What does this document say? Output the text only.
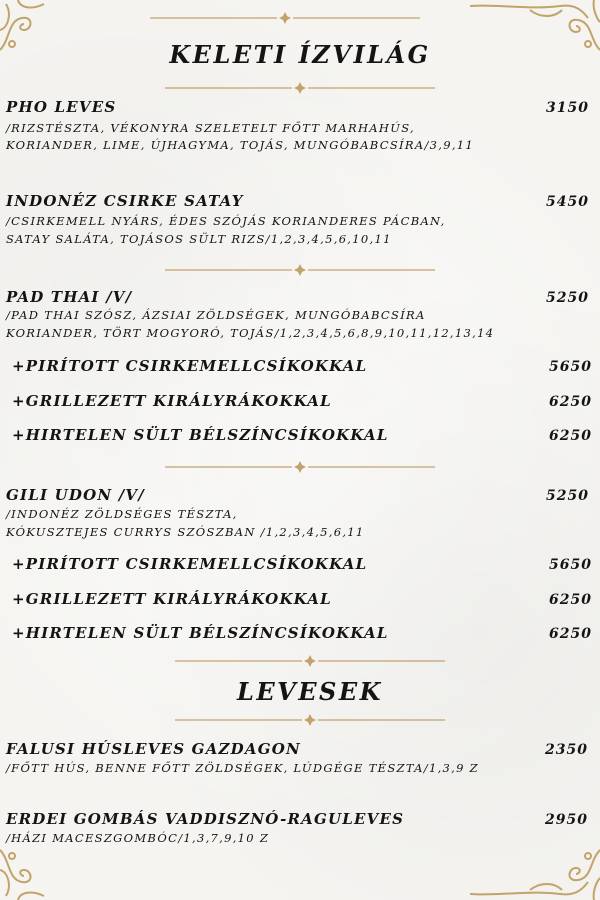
KELETI ÍZVILÁG
PHO LEVES	3150
/RIZSTÉSZTA, VÉKONYRA SZELETELT FŐTT MARHAHÚS,
KORIANDER, LIME, ÚJHAGYMA, TOJÁS, MUNGÓBABCSÍRA/3,9,11
INDONÉZ CSIRKE SATAY	5450
/CSIRKEMELL NYÁRS, ÉDES SZÓJÁS KORIANDERES PÁCBAN,
SATAY SALÁTA, TOJÁSOS SÜLT RIZS/1,2,3,4,5,6,10,11
PAD THAI /V/	5250
/PAD THAI SZÓSZ, ÁZSIAI ZÖLDSÉGEK, MUNGÓBABCSÍRA
KORIANDER, TÖRT MOGYORÓ, TOJÁS/1,2,3,4,5,6,8,9,10,11,12,13,14
+PIRÍTOTT CSIRKEMELLCSÍKOKKAL	5650
+GRILLEZETT KIRÁLYRÁKOKKAL	6250
+HIRTELEN SÜLT BÉLSZÍNCSÍKOKKAL	6250
GILI UDON /V/	5250
/INDONÉZ ZÖLDSÉGES TÉSZTA,
KÓKUSZTEJES CURRYS SZÓSZBAN /1,2,3,4,5,6,11
+PIRÍTOTT CSIRKEMELLCSÍKOKKAL	5650
+GRILLEZETT KIRÁLYRÁKOKKAL	6250
+HIRTELEN SÜLT BÉLSZÍNCSÍKOKKAL	6250
LEVESEK
FALUSI HÚSLEVES GAZDAGON	2350
/FŐTT HÚS, BENNE FŐTT ZÖLDSÉGEK, LÚDGÉGE TÉSZTA/1,3,9 Z
ERDEI GOMBÁS VADDISZNÓ-RAGULEVES	2950
/HÁZI MACESZGOMBÓC/1,3,7,9,10 Z
